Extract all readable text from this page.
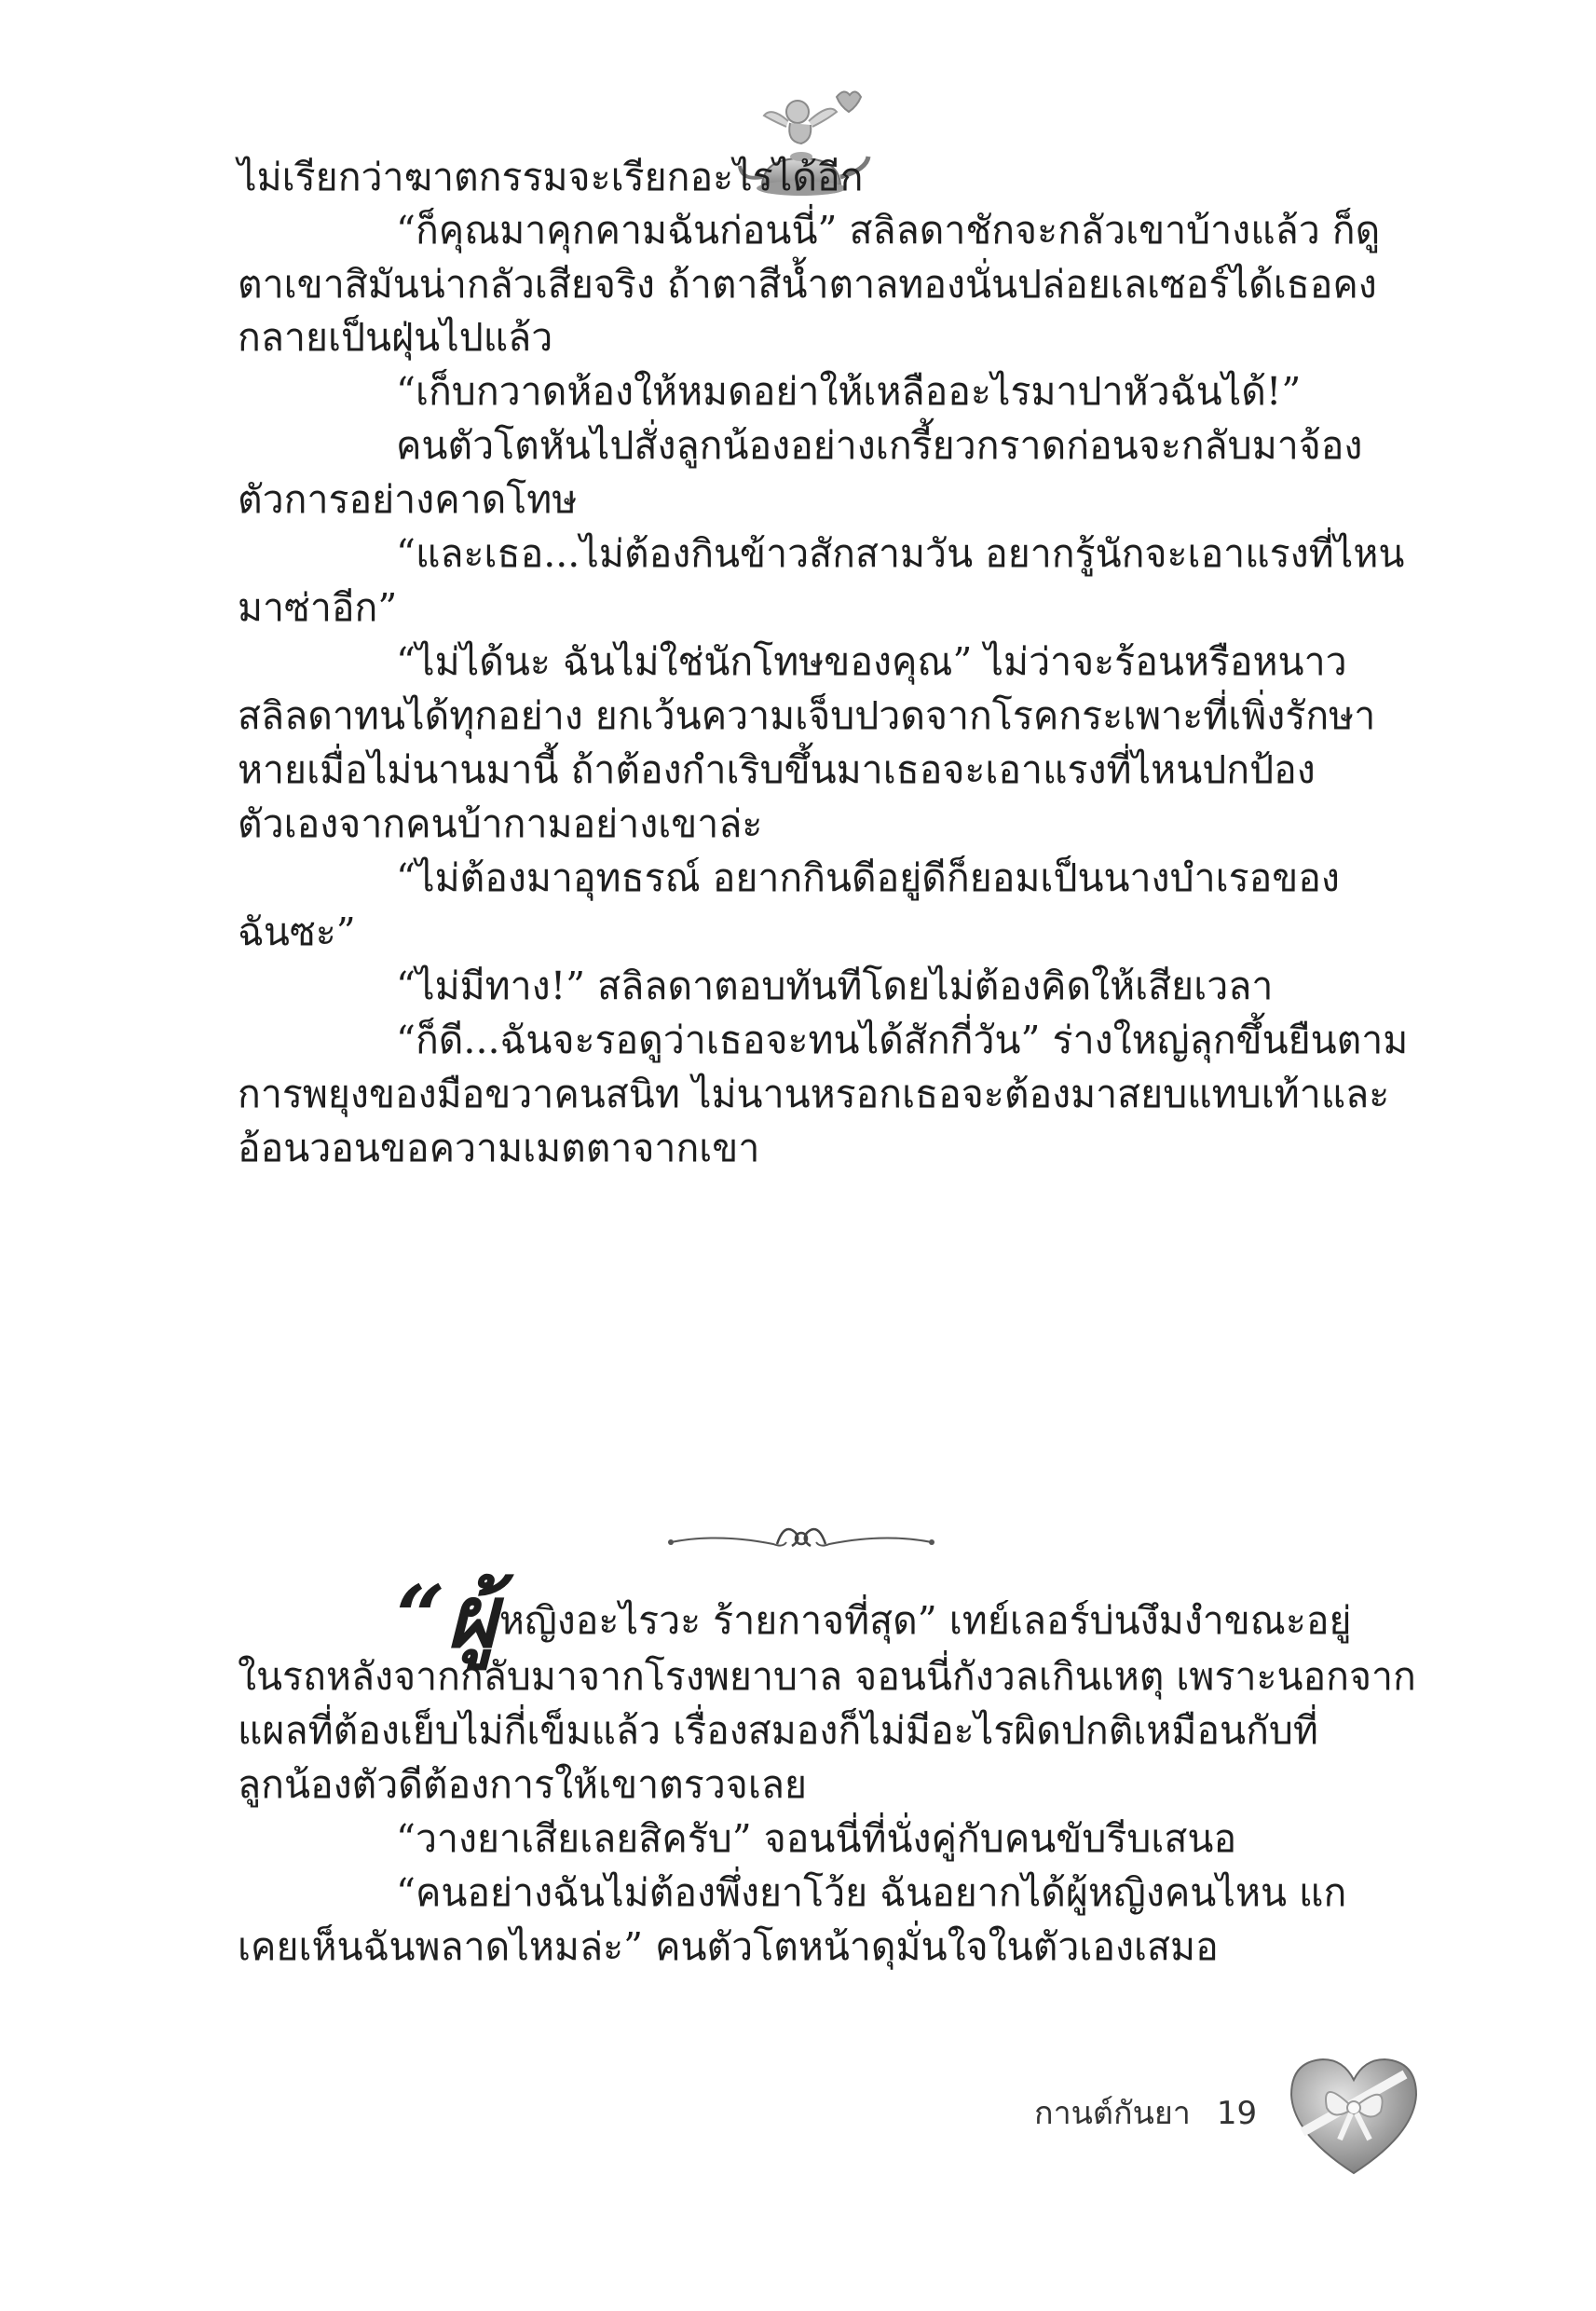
ไม่เรียกว่าฆาตกรรมจะเรียกอะไรได้อีก
“ก็คุณมาคุกคามฉันก่อนนี่” สลิลดาชักจะกลัวเขาบ้างแล้ว ก็ดู
ตาเขาสิมันน่ากลัวเสียจริง ถ้าตาสีน้ำตาลทองนั่นปล่อยเลเซอร์ได้เธอคง
กลายเป็นฝุ่นไปแล้ว
“เก็บกวาดห้องให้หมดอย่าให้เหลืออะไรมาปาหัวฉันได้!”
คนตัวโตหันไปสั่งลูกน้องอย่างเกรี้ยวกราดก่อนจะกลับมาจ้อง
ตัวการอย่างคาดโทษ
“และเธอ...ไม่ต้องกินข้าวสักสามวัน อยากรู้นักจะเอาแรงที่ไหน
มาซ่าอีก”
“ไม่ได้นะ ฉันไม่ใช่นักโทษของคุณ” ไม่ว่าจะร้อนหรือหนาว
สลิลดาทนได้ทุกอย่าง ยกเว้นความเจ็บปวดจากโรคกระเพาะที่เพิ่งรักษา
หายเมื่อไม่นานมานี้ ถ้าต้องกำเริบขึ้นมาเธอจะเอาแรงที่ไหนปกป้อง
ตัวเองจากคนบ้ากามอย่างเขาล่ะ
“ไม่ต้องมาอุทธรณ์ อยากกินดีอยู่ดีก็ยอมเป็นนางบำเรอของ
ฉันซะ”
“ไม่มีทาง!” สลิลดาตอบทันทีโดยไม่ต้องคิดให้เสียเวลา
“ก็ดี...ฉันจะรอดูว่าเธอจะทนได้สักกี่วัน” ร่างใหญ่ลุกขึ้นยืนตาม
การพยุงของมือขวาคนสนิท ไม่นานหรอกเธอจะต้องมาสยบแทบเท้าและ
อ้อนวอนขอความเมตตาจากเขา
“ผู้หญิงอะไรวะ ร้ายกาจที่สุด” เทย์เลอร์บ่นงึมงำขณะอยู่
ในรถหลังจากกลับมาจากโรงพยาบาล จอนนี่กังวลเกินเหตุ เพราะนอกจาก
แผลที่ต้องเย็บไม่กี่เข็มแล้ว เรื่องสมองก็ไม่มีอะไรผิดปกติเหมือนกับที่
ลูกน้องตัวดีต้องการให้เขาตรวจเลย
“วางยาเสียเลยสิครับ” จอนนี่ที่นั่งคู่กับคนขับรีบเสนอ
“คนอย่างฉันไม่ต้องพึ่งยาโว้ย ฉันอยากได้ผู้หญิงคนไหน แก
เคยเห็นฉันพลาดไหมล่ะ” คนตัวโตหน้าดุมั่นใจในตัวเองเสมอ
กานต์กันยา 19
